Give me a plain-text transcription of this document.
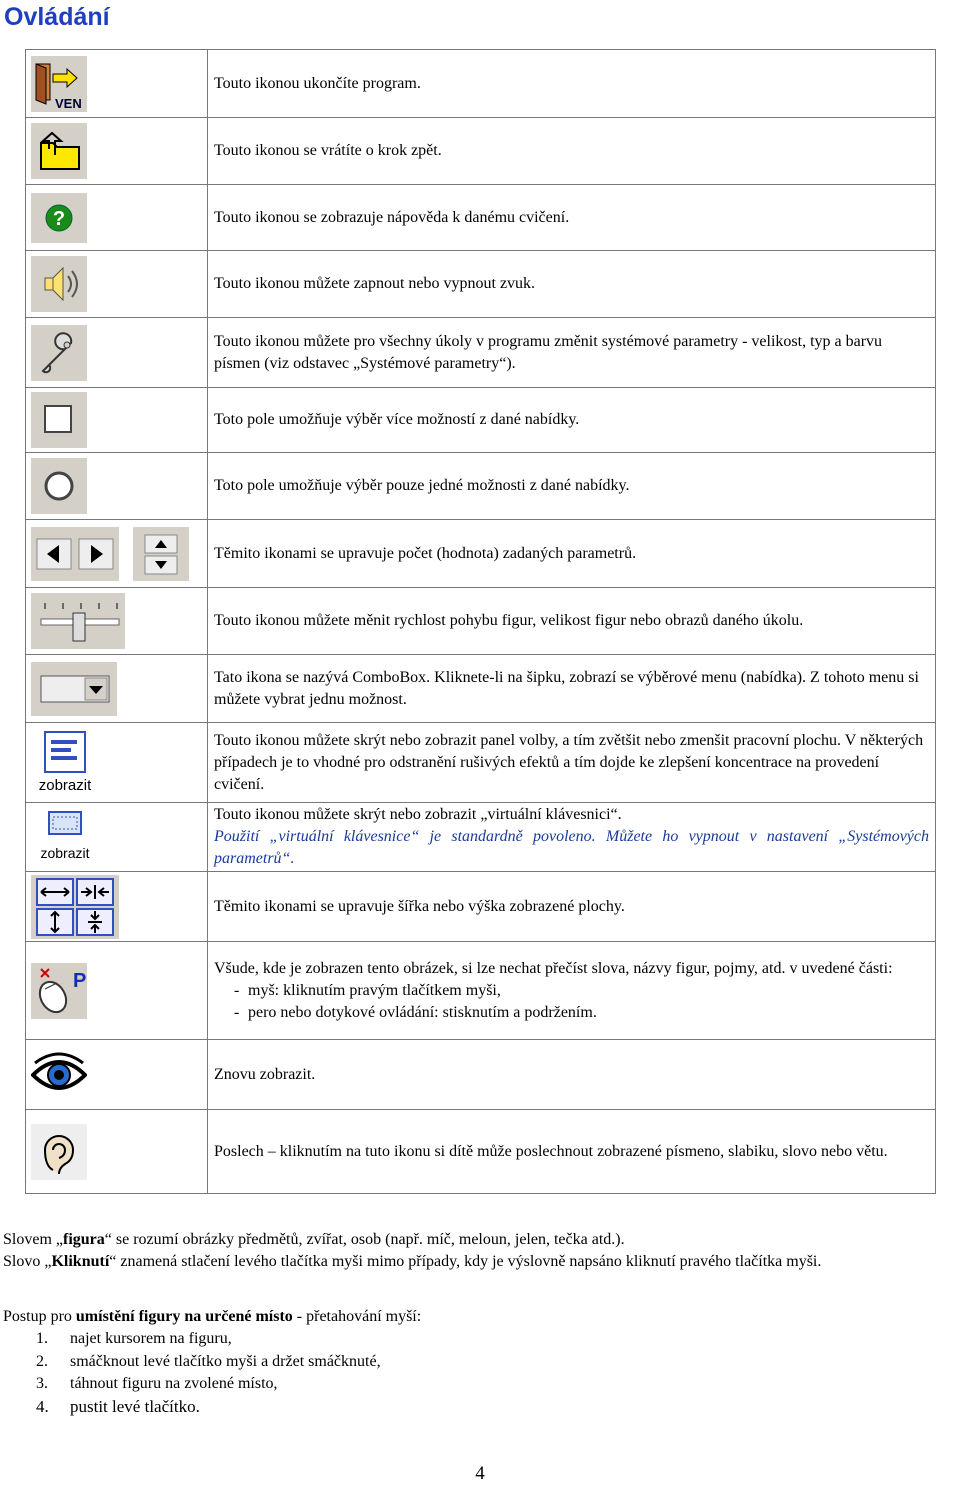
Ovládání
VEN	Touto ikonou ukončíte program.

	Touto ikonou se vrátíte o krok zpět.

?	Touto ikonou se zobrazuje nápověda k danému cvičení.

	Touto ikonou můžete zapnout nebo vypnout zvuk.

	Touto ikonou můžete pro všechny úkoly v programu změnit systémové parametry - velikost, typ a barvu písmen (viz odstavec „Systémové parametry“).

	Toto pole umožňuje výběr více možností z dané nabídky.

	Toto pole umožňuje výběr pouze jedné možnosti z dané nabídky.

	Těmito ikonami se upravuje počet (hodnota) zadaných parametrů.

	Touto ikonou můžete měnit rychlost pohybu figur, velikost figur nebo obrazů daného úkolu.

	Tato ikona se nazývá ComboBox. Kliknete-li na šipku, zobrazí se výběrové menu (nabídka). Z tohoto menu si můžete vybrat jednu možnost.

zobrazit	Touto ikonou můžete skrýt nebo zobrazit panel volby, a tím zvětšit nebo zmenšit pracovní plochu. V některých případech je to vhodné pro odstranění rušivých efektů a tím dojde ke zlepšení koncentrace na provedení cvičení.

zobrazit	Touto ikonou můžete skrýt nebo zobrazit „virtuální klávesnici“.
Použití „virtuální klávesnice“ je standardně povoleno. Můžete ho vypnout v nastavení „Systémových parametrů“.

	Těmito ikonami se upravuje šířka nebo výška zobrazené plochy.

P	Všude, kde je zobrazen tento obrázek, si lze nechat přečíst slova, názvy figur, pojmy, atd. v uvedené části:
- myš: kliknutím pravým tlačítkem myši,
- pero nebo dotykové ovládání: stisknutím a podržením.

	Znovu zobrazit.

	Poslech – kliknutím na tuto ikonu si dítě může poslechnout zobrazené písmeno, slabiku, slovo nebo větu.
Slovem „figura“ se rozumí obrázky předmětů, zvířat, osob (např. míč, meloun, jelen, tečka atd.).
Slovo „Kliknutí“ znamená stlačení levého tlačítka myši mimo případy, kdy je výslovně napsáno kliknutí pravého tlačítka myši.
Postup pro umístění figury na určené místo - přetahování myší:
1.	najet kursorem na figuru,
2.	smáčknout levé tlačítko myši a držet smáčknuté,
3.	táhnout figuru na zvolené místo,
4.	pustit levé tlačítko.
4
